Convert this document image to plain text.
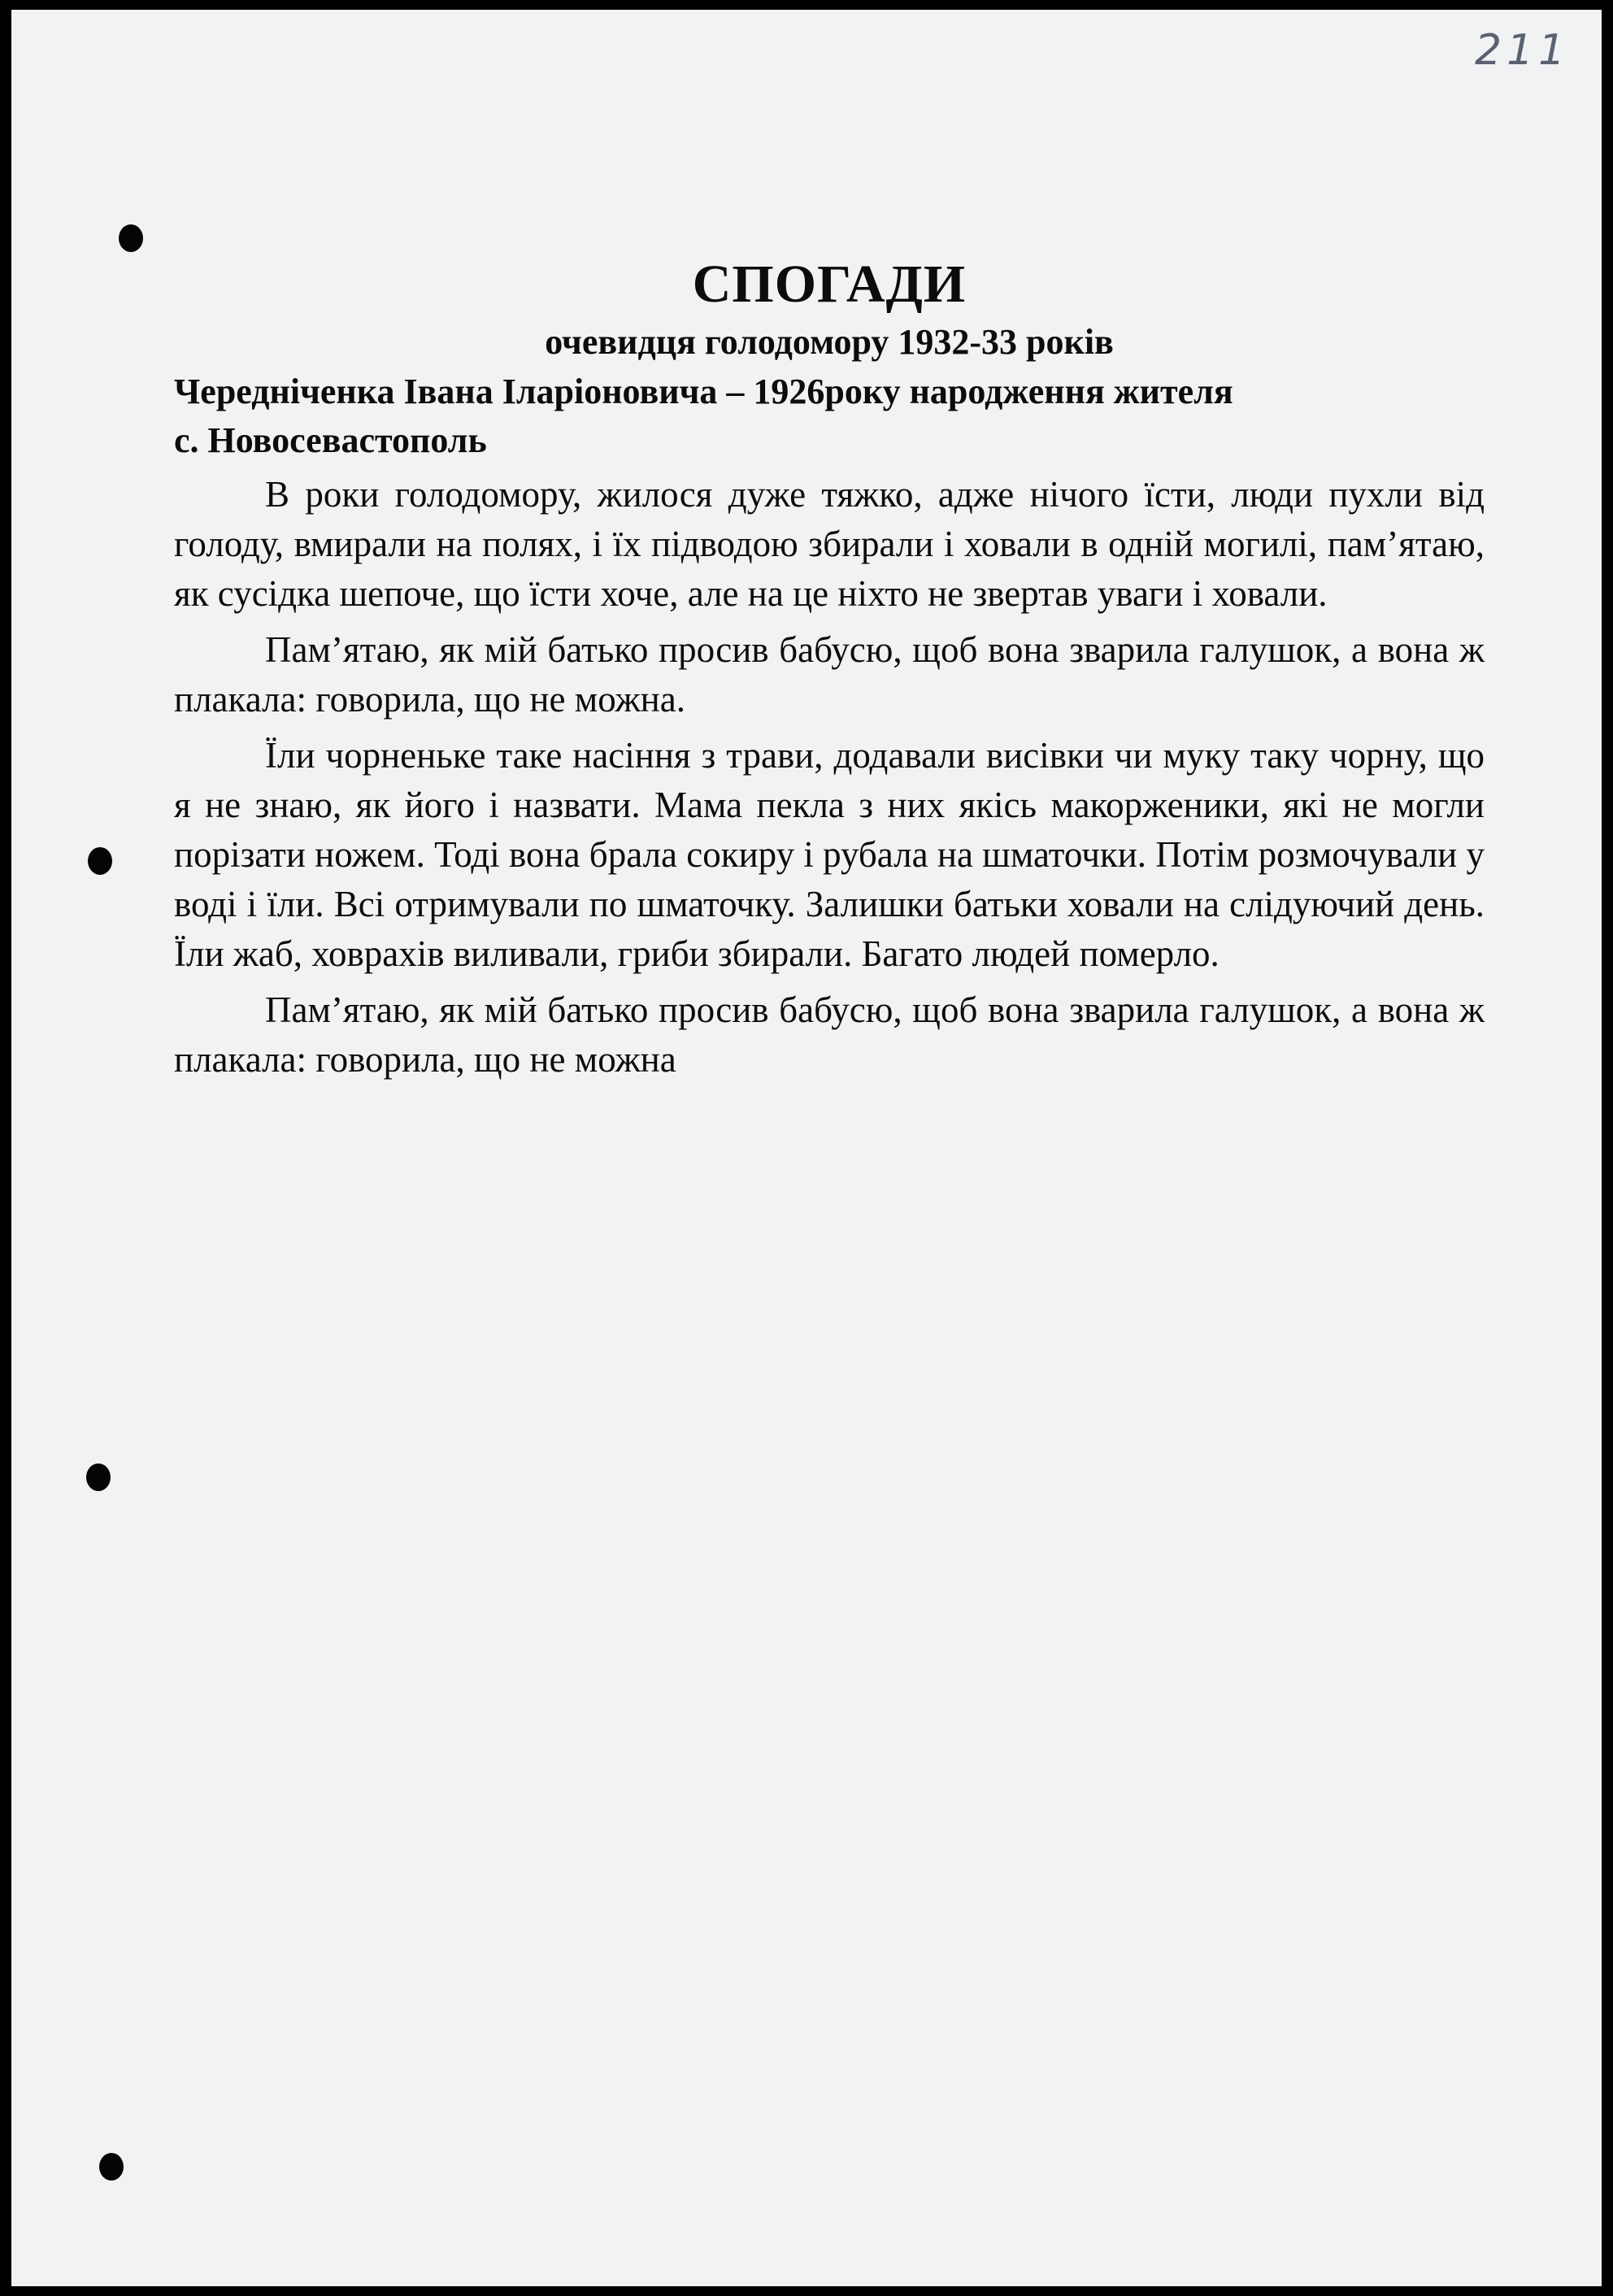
211
СПОГАДИ
очевидця голодомору 1932-33 років
Чередніченка Івана Іларіоновича – 1926року народження жителя
с. Новосевастополь

В роки голодомору, жилося дуже тяжко, адже нічого їсти, люди пухли від голоду, вмирали на полях, і їх підводою збирали і ховали в одній могилі, пам’ятаю, як сусідка шепоче, що їсти хоче, але на це ніхто не звертав уваги і ховали.

Пам’ятаю, як мій батько просив бабусю, щоб вона зварила галушок, а вона ж плакала: говорила, що не можна.

Їли чорненьке таке насіння з трави, додавали висівки чи муку таку чорну, що я не знаю, як його і назвати. Мама пекла з них якісь макорженики, які не могли порізати ножем. Тоді вона брала сокиру і рубала на шматочки. Потім розмочували у воді і їли. Всі отримували по шматочку. Залишки батьки ховали на слідуючий день. Їли жаб, ховрахів виливали, гриби збирали. Багато людей померло.

Пам’ятаю, як мій батько просив бабусю, щоб вона зварила галушок, а вона ж плакала: говорила, що не можна
